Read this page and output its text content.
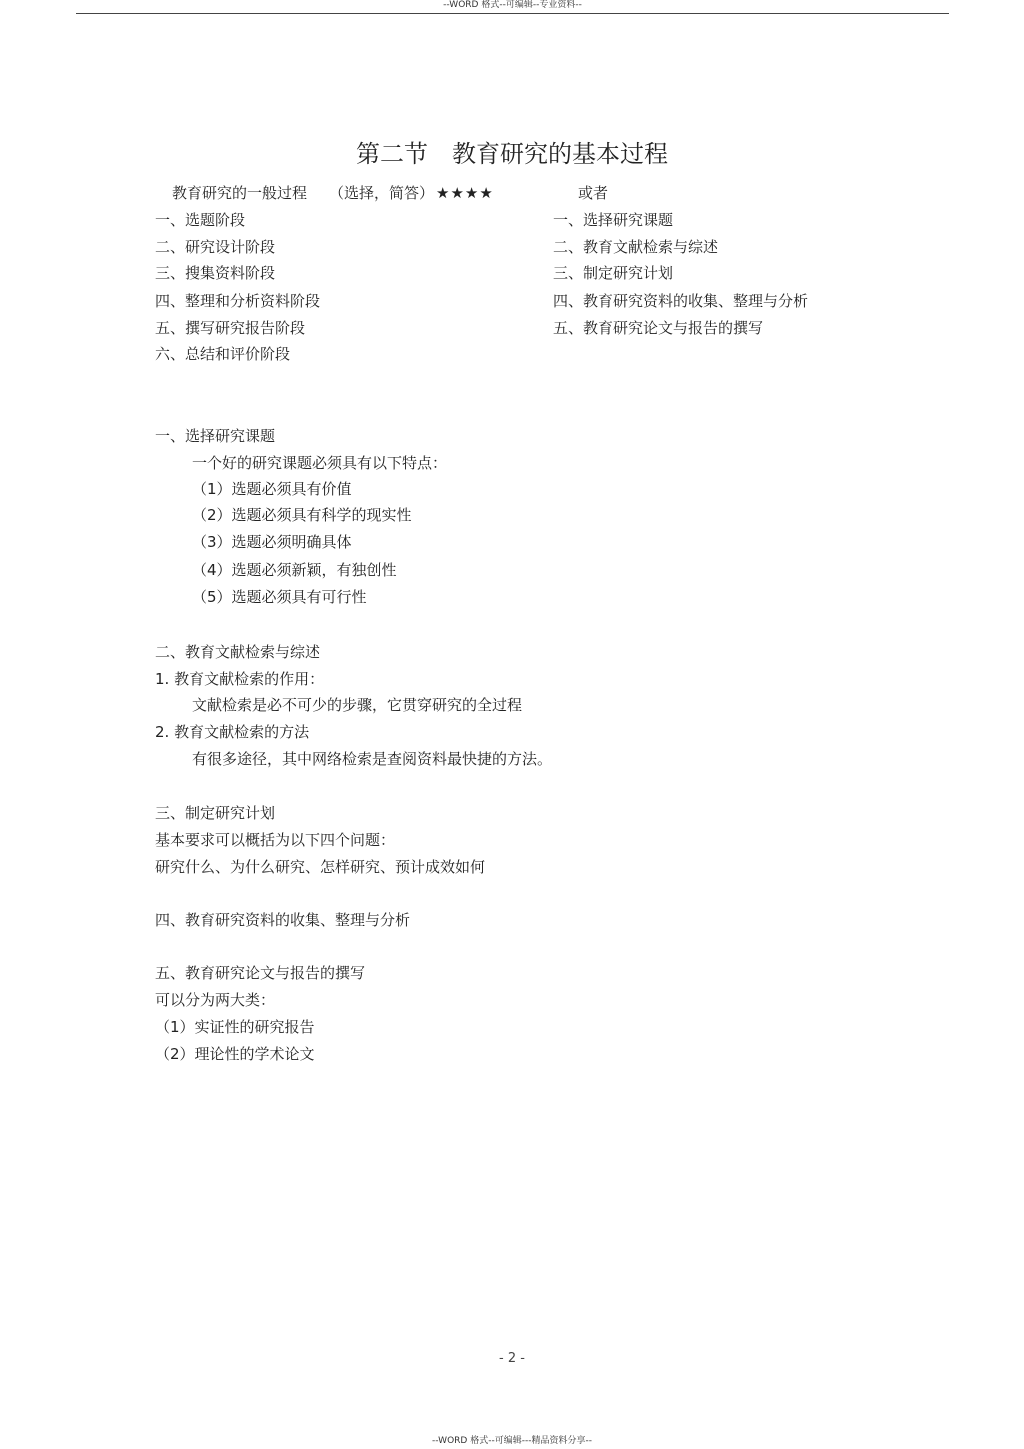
--WORD 格式--可编辑--专业资料--
第二节　教育研究的基本过程
教育研究的一般过程 （选择，简答） ★★★★	或者
一、选题阶段
二、研究设计阶段
三、搜集资料阶段
四、整理和分析资料阶段
五、撰写研究报告阶段
六、总结和评价阶段
一、选择研究课题
二、教育文献检索与综述
三、制定研究计划
四、教育研究资料的收集、整理与分析
五、教育研究论文与报告的撰写
一、选择研究课题
一个好的研究课题必须具有以下特点：
（1）选题必须具有价值
（2）选题必须具有科学的现实性
（3）选题必须明确具体
（4）选题必须新颖，有独创性
（5）选题必须具有可行性
二、教育文献检索与综述
1. 教育文献检索的作用：
文献检索是必不可少的步骤，它贯穿研究的全过程
2. 教育文献检索的方法
有很多途径，其中网络检索是查阅资料最快捷的方法。
三、制定研究计划
基本要求可以概括为以下四个问题：
研究什么、为什么研究、怎样研究、预计成效如何
四、教育研究资料的收集、整理与分析
五、教育研究论文与报告的撰写
可以分为两大类：
（1）实证性的研究报告
（2）理论性的学术论文
- 2 -
--WORD 格式--可编辑---精品资料分享--
